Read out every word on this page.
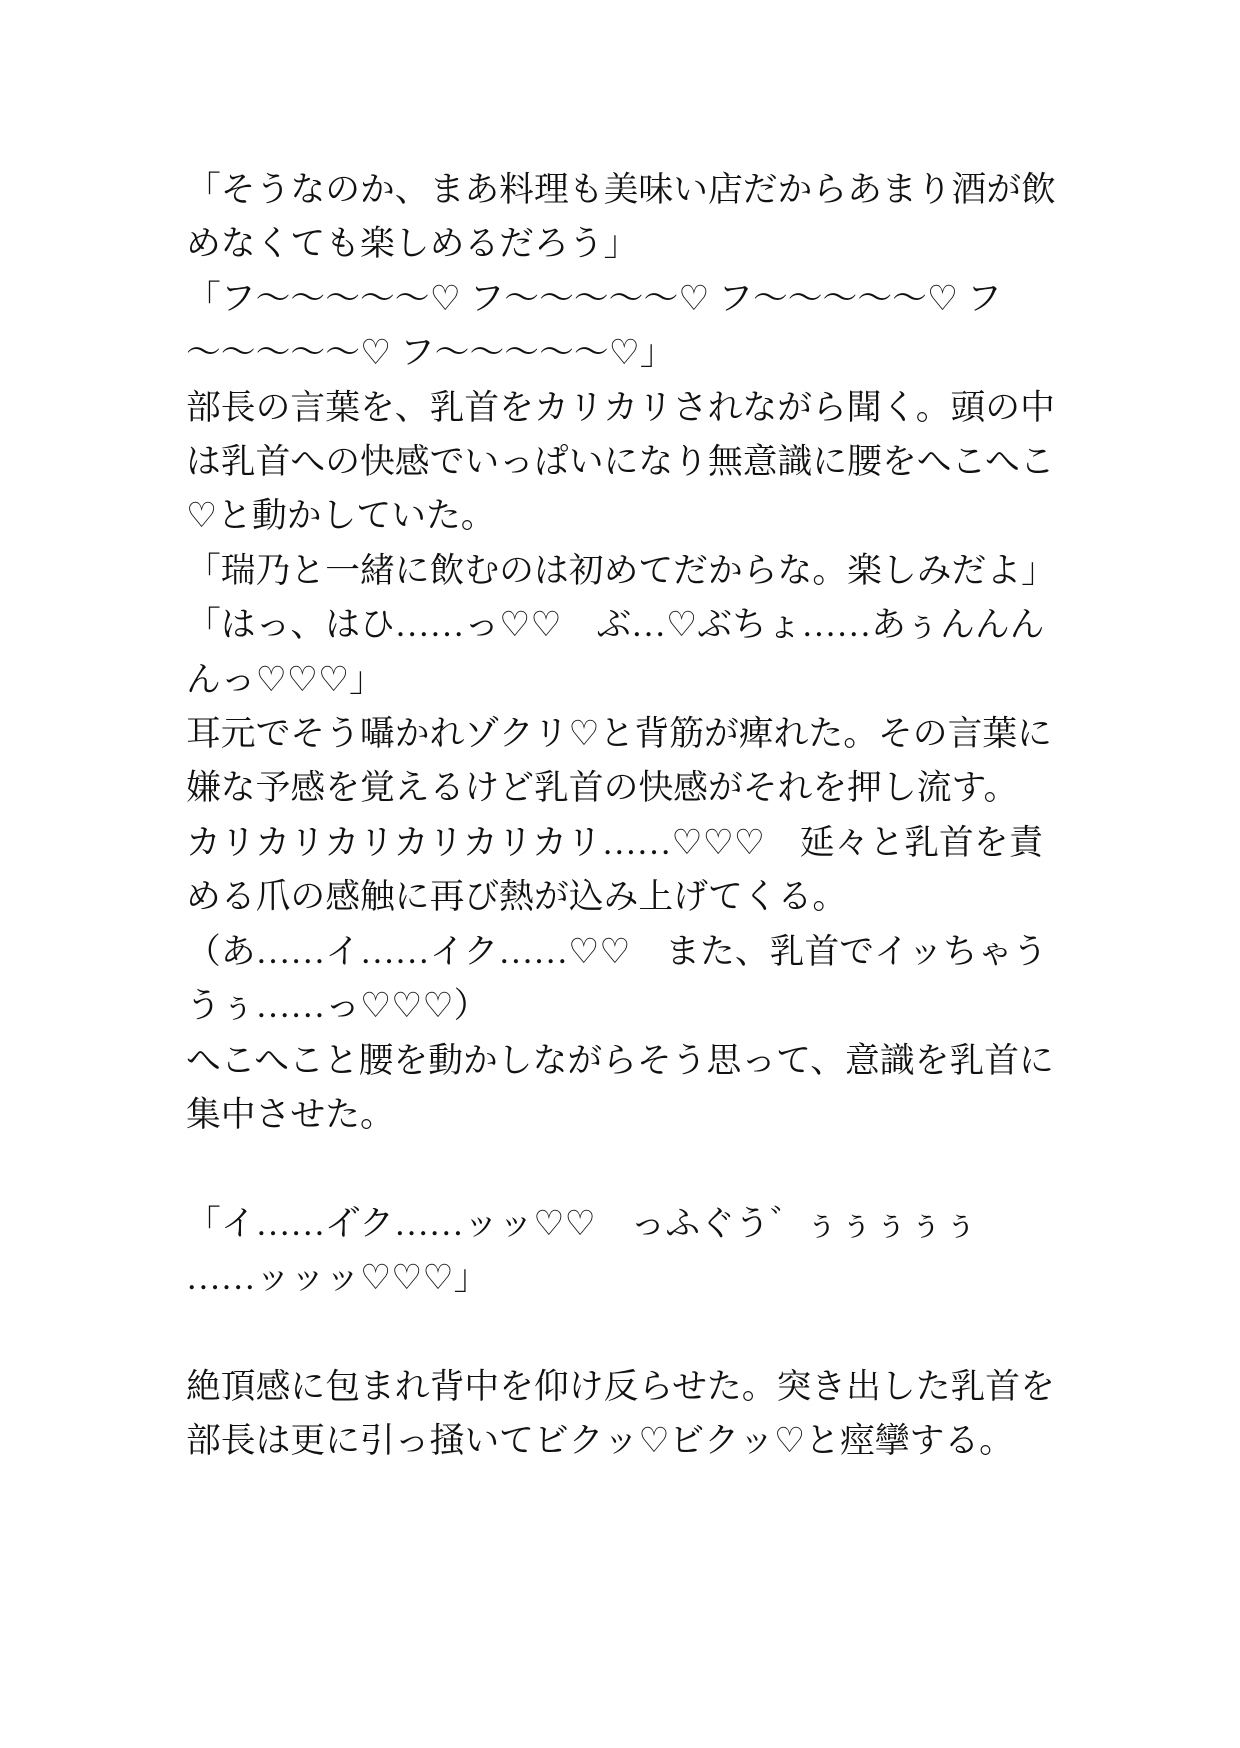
「そうなのか、まあ料理も美味い店だからあまり酒が飲
めなくても楽しめるだろう」
「フ〜〜〜〜〜♡ フ〜〜〜〜〜♡ フ〜〜〜〜〜♡ フ
〜〜〜〜〜♡ フ〜〜〜〜〜♡」
部長の言葉を、乳首をカリカリされながら聞く。頭の中
は乳首への快感でいっぱいになり無意識に腰をへこへこ
♡と動かしていた。
「瑞乃と一緒に飲むのは初めてだからな。楽しみだよ」
「はっ、はひ……っ♡♡　ぶ…♡ぶちょ……あぅんんん
んっ♡♡♡」
耳元でそう囁かれゾクリ♡と背筋が痺れた。その言葉に
嫌な予感を覚えるけど乳首の快感がそれを押し流す。
カリカリカリカリカリカリ……♡♡♡　延々と乳首を責
める爪の感触に再び熱が込み上げてくる。
（あ……イ……イク……♡♡　また、乳首でイッちゃう
うぅ……っ♡♡♡）
へこへこと腰を動かしながらそう思って、意識を乳首に
集中させた。
「イ……イ゙ク……ッッ♡♡　っふぐう゛ぅぅぅぅぅ
……ッッッ♡♡♡」
絶頂感に包まれ背中を仰け反らせた。突き出した乳首を
部長は更に引っ掻いてビクッ♡ビクッ♡と痙攣する。
